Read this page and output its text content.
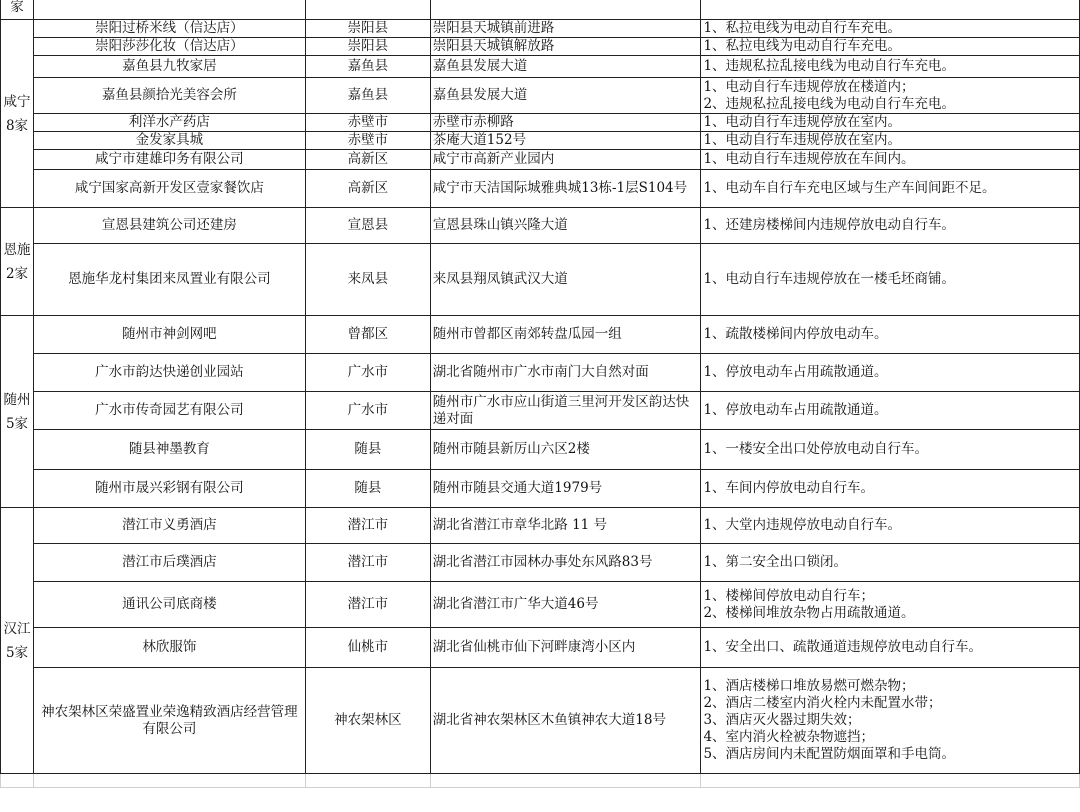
家				
咸宁8家	崇阳过桥米线（信达店）	崇阳县	崇阳县天城镇前进路	1、私拉电线为电动自行车充电。

	崇阳莎莎化妆（信达店）	崇阳县	崇阳县天城镇解放路	1、私拉电线为电动自行车充电。

	嘉鱼县九牧家居	嘉鱼县	嘉鱼县发展大道	1、违规私拉乱接电线为电动自行车充电。

	嘉鱼县颜拾光美容会所	嘉鱼县	嘉鱼县发展大道	1、电动自行车违规停放在楼道内；
2、违规私拉乱接电线为电动自行车充电。

	利洋水产药店	赤壁市	赤壁市赤柳路	1、电动自行车违规停放在室内。

	金发家具城	赤壁市	茶庵大道152号	1、电动自行车违规停放在室内。

	咸宁市建雄印务有限公司	高新区	咸宁市高新产业园内	1、电动自行车违规停放在车间内。

	咸宁国家高新开发区壹家餐饮店	高新区	咸宁市天洁国际城雅典城13栋-1层S104号	1、电动车自行车充电区域与生产车间间距不足。

恩施2家	宣恩县建筑公司还建房	宣恩县	宣恩县珠山镇兴隆大道	1、还建房楼梯间内违规停放电动自行车。

	恩施华龙村集团来凤置业有限公司	来凤县	来凤县翔凤镇武汉大道	1、电动自行车违规停放在一楼毛坯商铺。

随州5家	随州市神剑网吧	曾都区	随州市曾都区南郊转盘瓜园一组	1、疏散楼梯间内停放电动车。

	广水市韵达快递创业园站	广水市	湖北省随州市广水市南门大自然对面	1、停放电动车占用疏散通道。

	广水市传奇园艺有限公司	广水市	随州市广水市应山街道三里河开发区韵达快递对面	1、停放电动车占用疏散通道。

	随县神墨教育	随县	随州市随县新厉山六区2楼	1、一楼安全出口处停放电动自行车。

	随州市晟兴彩钢有限公司	随县	随州市随县交通大道1979号	1、车间内停放电动自行车。

汉江5家	潜江市义勇酒店	潜江市	湖北省潜江市章华北路 11 号	1、大堂内违规停放电动自行车。

	潜江市后璞酒店	潜江市	湖北省潜江市园林办事处东风路83号	1、第二安全出口锁闭。

	通讯公司底商楼	潜江市	湖北省潜江市广华大道46号	1、楼梯间停放电动自行车；
2、楼梯间堆放杂物占用疏散通道。

	林欣服饰	仙桃市	湖北省仙桃市仙下河畔康湾小区内	1、安全出口、疏散通道违规停放电动自行车。

	神农架林区荣盛置业荣逸精致酒店经营管理有限公司	神农架林区	湖北省神农架林区木鱼镇神农大道18号	1、酒店楼梯口堆放易燃可燃杂物；
2、酒店二楼室内消火栓内未配置水带；
3、酒店灭火器过期失效；
4、室内消火栓被杂物遮挡；
5、酒店房间内未配置防烟面罩和手电筒。
